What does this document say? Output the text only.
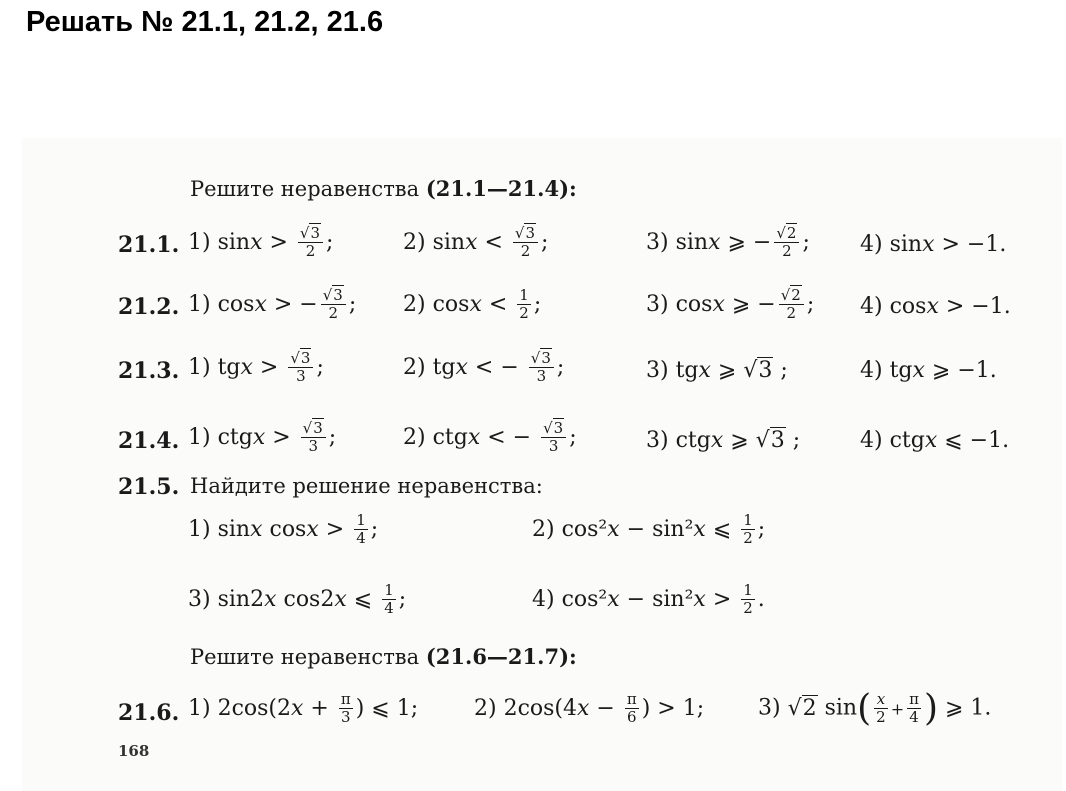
Решать № 21.1, 21.2, 21.6
Решите неравенства (21.1—21.4):
21.1. 1) $\sin x > \frac{√3}{2}$ ;	2) $\sin x < \frac{√3}{2}$ ;	3) sinx ⩾ − $\frac{√2}{2}$ ; 4) sinx > −1.
21.2. 1) cosx > − $\frac{√3}{2}$ ; 2) $\cos x < \frac{1}{2}$ ;	3) cosx ⩾ − $\frac{√2}{2}$ ; 4) cosx > −1.
21.3. 1) tgx > $\frac{√3}{3}$ ;	2) tgx < − $\frac{√3}{3}$ ;	3) tgx ⩾ √3 ;	4) tgx ⩾ −1.
21.4. 1) ctgx > $\frac{√3}{3}$ ;	2) ctgx < − $\frac{√3}{3}$ ;	3) ctgx ⩾ √3 ;	4) ctgx ⩽ −1.
21.5. Найдите решение неравенства:
1) sinx $\cos x > \frac{1}{4}$ ;	2) cos²x − sin²x ⩽ $\frac{1}{2}$ ;
3) sin2x cos2x ⩽ $\frac{1}{4}$ ;	4) $\cos^2x - \sin^2x > \frac{1}{2}$ .
Решите неравенства (21.6—21.7):
21.6. 1) $2\cos(2x + \frac{\pi}{3}$ ) ⩽ 1;	2) $2\cos(4x - \frac{\pi}{6}$ ) > 1; 3) √2 $\sin( \frac{x}{2} + \frac{\pi}{4}$ ) ⩾ 1.
168
